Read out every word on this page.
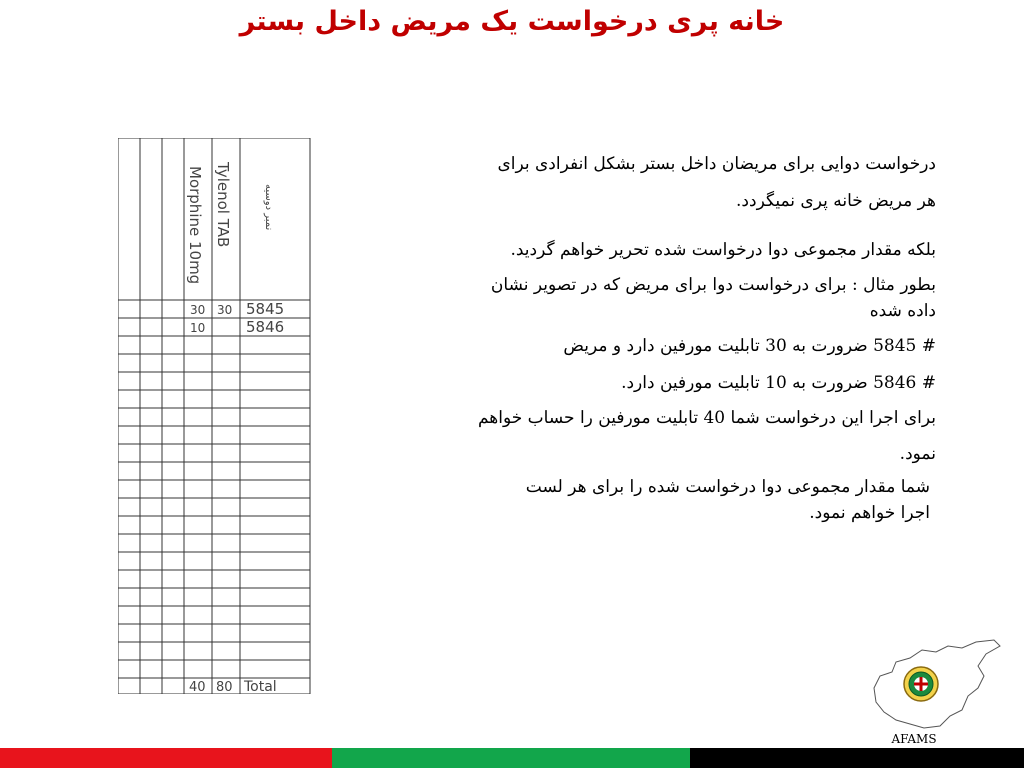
خانه پری درخواست یک مریض داخل بستر
Morphine 10mg Tylenol TAB	نمبر دوسیه
30 30 5845
10	5846
40 80 Total

درخواست دوایی برای مریضان داخل بستر بشکل انفرادی برای هر مریض خانه پری نمیگردد.

بلکه مقدار مجموعی دوا درخواست شده تحریر خواهم گردید.

بطور مثال : برای درخواست دوا برای مریض که در تصویر نشان داده شده

# 5845 ضرورت به 30 تابلیت مورفین دارد و مریض

# 5846 ضرورت به 10 تابلیت مورفین دارد.

برای اجرا این درخواست شما 40 تابلیت مورفین را حساب خواهم نمود.

شما مقدار مجموعی دوا درخواست شده را برای هر لست اجرا خواهم نمود.

AFAMS
